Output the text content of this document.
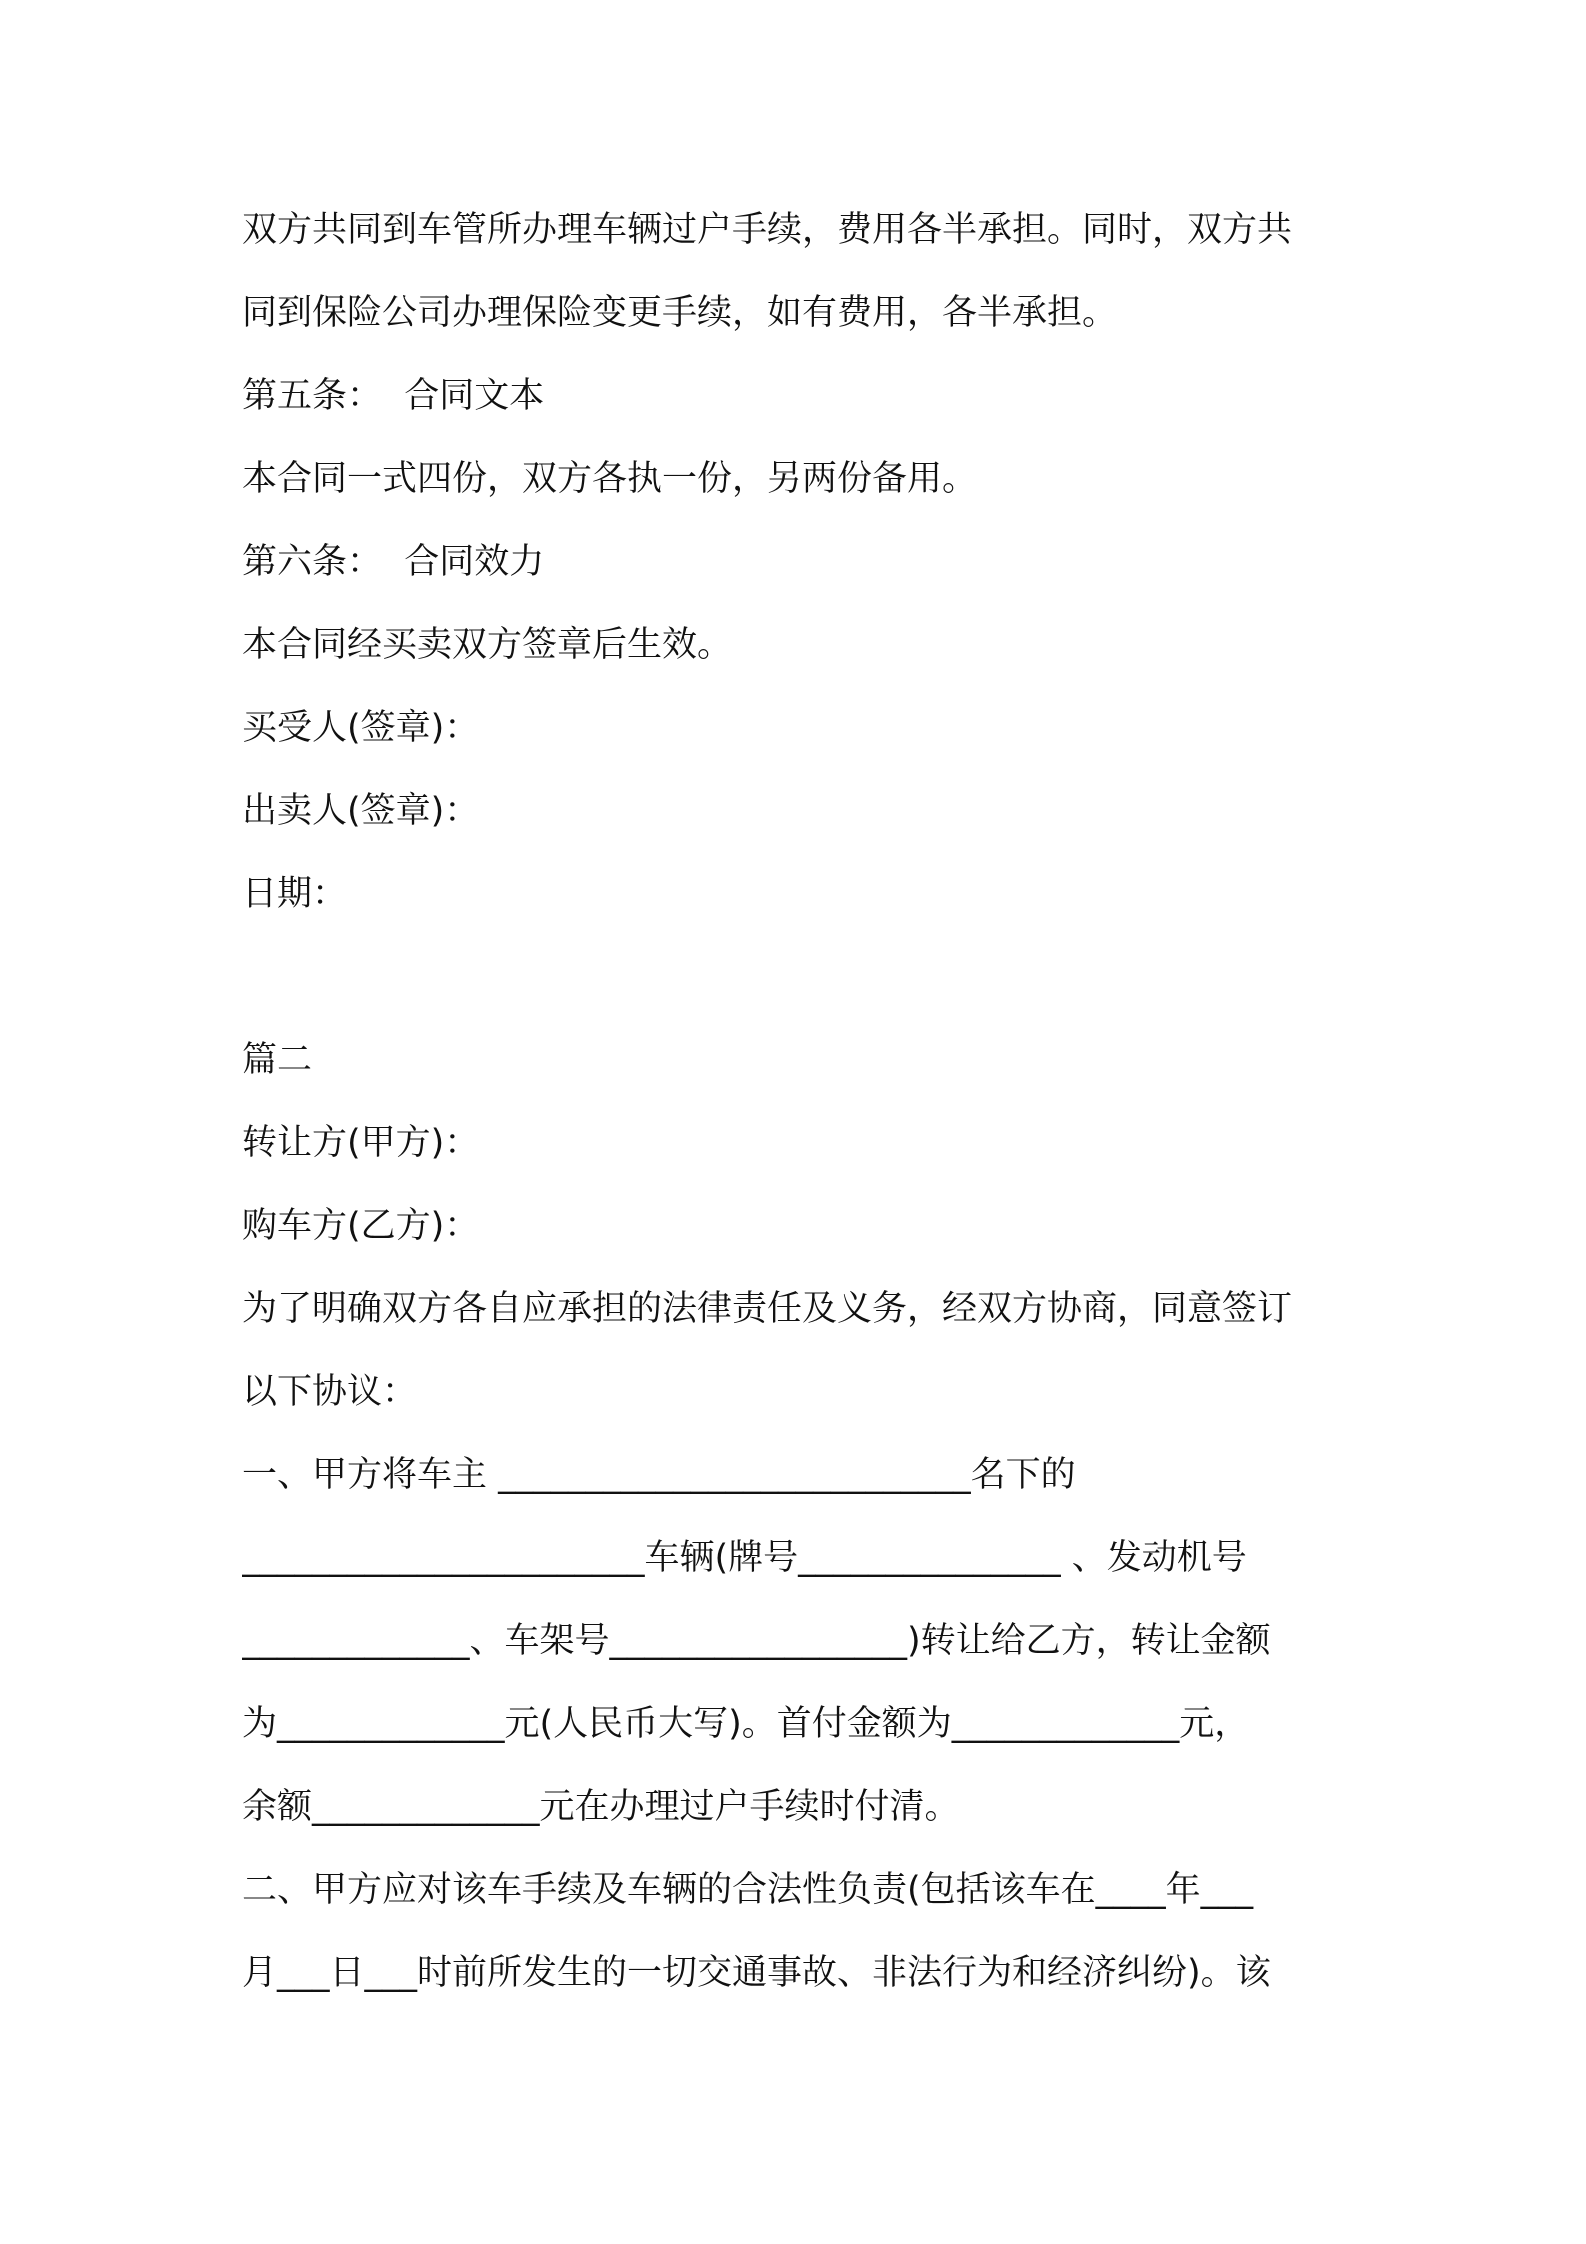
双方共同到车管所办理车辆过户手续，费用各半承担。同时，双方共
同到保险公司办理保险变更手续，如有费用，各半承担。
第五条：  合同文本
本合同一式四份，双方各执一份，另两份备用。
第六条：  合同效力
本合同经买卖双方签章后生效。
买受人(签章)：
出卖人(签章)：
日期：
篇二
转让方(甲方)：
购车方(乙方)：
为了明确双方各自应承担的法律责任及义务，经双方协商，同意签订
以下协议：
一、甲方将车主 ___________________________名下的
_______________________车辆(牌号_______________ 、发动机号
_____________、车架号_________________)转让给乙方，转让金额
为_____________元(人民币大写)。首付金额为_____________元，
余额_____________元在办理过户手续时付清。
二、甲方应对该车手续及车辆的合法性负责(包括该车在____年___
月___日___时前所发生的一切交通事故、非法行为和经济纠纷)。该
